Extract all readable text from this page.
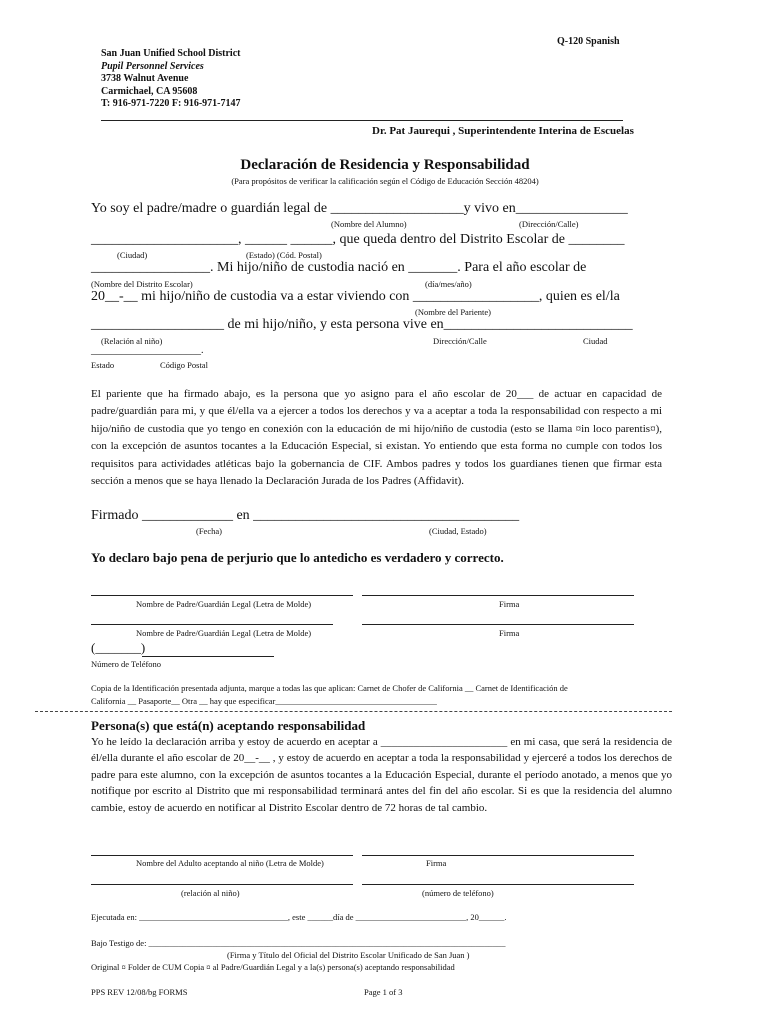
Q-120 Spanish
San Juan Unified School District
Pupil Personnel Services
3738 Walnut Avenue
Carmichael, CA 95608
T: 916-971-7220 F: 916-971-7147
Dr. Pat Jaurequi , Superintendente Interina de Escuelas
Declaración de Residencia y Responsabilidad
(Para propósitos de verificar la calificación según el Código de Educación Sección 48204)
Yo soy el padre/madre o guardián legal de ___________________y vivo en________________
(Nombre del Alumno)	(Dirección/Calle)
_____________________, ______ ______, que queda dentro del Distrito Escolar de ________
(Ciudad)	(Estado) (Cód. Postal)
_________________. Mi hijo/niño de custodia nació en _______. Para el año escolar de
(Nombre del Distrito Escolar)	(día/mes/año)
20__-__ mi hijo/niño de custodia va a estar viviendo con __________________, quien es el/la
(Nombre del Pariente)
___________________ de mi hijo/niño, y esta persona vive en___________________________
(Relación al niño)	Dirección/Calle	Ciudad
______________________.
Estado	Código Postal
El pariente que ha firmado abajo, es la persona que yo asigno para el año escolar de 20___ de actuar en capacidad de padre/guardián para mi, y que él/ella va a ejercer a todos los derechos y va a aceptar a toda la responsabilidad con respecto a mi hijo/niño de custodia que yo tengo en conexión con la educación de mi hijo/niño de custodia (esto se llama ¤in loco parentis¤), con la excepción de asuntos tocantes a la Educación Especial, si existan. Yo entiendo que esta forma no cumple con todos los requisitos para actividades atléticas bajo la gobernancia de CIF. Ambos padres y todos los guardianes tienen que firmar esta sección a menos que se haya llenado la Declaración Jurada de los Padres (Affidavit).
Firmado _____________ en ______________________________________
(Fecha)	(Ciudad, Estado)
Yo declaro bajo pena de perjurio que lo antedicho es verdadero y correcto.
Nombre de Padre/Guardián Legal (Letra de Molde)	Firma
Nombre de Padre/Guardián Legal (Letra de Molde)	Firma
(_______)
Número de Teléfono
Copia de la Identificación presentada adjunta, marque a todas las que aplican: Carnet de Chofer de California __ Carnet de Identificación de
California __ Pasaporte__ Otra __ hay que especificar______________________________________
Persona(s) que está(n) aceptando responsabilidad
Yo he leído la declaración arriba y estoy de acuerdo en aceptar a _______________________ en mi casa, que será la residencia de él/ella durante el año escolar de 20__-__ , y estoy de acuerdo en aceptar a toda la responsabilidad y ejerceré a todos los derechos de padre para este alumno, con la excepción de asuntos tocantes a la Educación Especial, durante el período anotado, a menos que yo notifique por escrito al Distrito que mi responsabilidad terminará antes del fin del año escolar. Si es que la residencia del alumno cambie, estoy de acuerdo en notificar al Distrito Escolar dentro de 72 horas de tal cambio.
Nombre del Adulto aceptando al niño (Letra de Molde)	Firma
(relación al niño)	(número de teléfono)
Ejecutada en: ___________________________________, este ______día de __________________________, 20______.
Bajo Testigo de: ____________________________________________________________________________________
(Firma y Título del Oficial del Distrito Escolar Unificado de San Juan )
Original ¤ Folder de CUM Copia ¤ al Padre/Guardián Legal y a la(s) persona(s) aceptando responsabilidad
PPS REV 12/08/bg FORMS	Page 1 of 3
